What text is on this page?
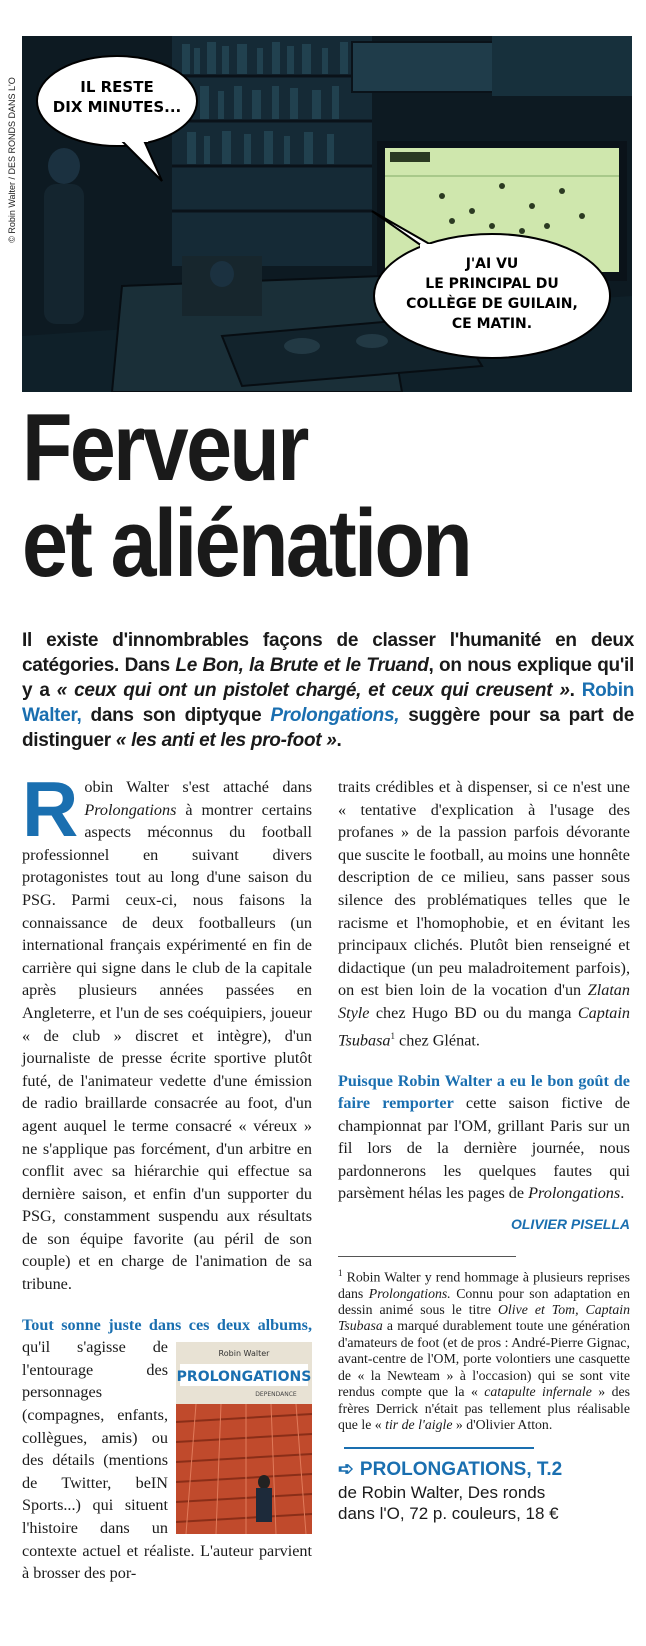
© Robin Walter / DES RONDS DANS L'O	IL RESTE
DIX MINUTES...
J'AI VU
LE PRINCIPAL DU
COLLÈGE DE GUILAIN,
CE MATIN.
Ferveur
et aliénation
Il existe d'innombrables façons de classer l'humanité en deux catégories. Dans Le Bon, la Brute et le Truand, on nous explique qu'il y a « ceux qui ont un pistolet chargé, et ceux qui creusent ». Robin Walter, dans son diptyque Prolongations, suggère pour sa part de distinguer « les anti et les pro-foot ».

Robin Walter s'est attaché dans Prolongations à montrer certains aspects méconnus du football professionnel en suivant divers protagonistes tout au long d'une saison du PSG. Parmi ceux-ci, nous faisons la connaissance de deux footballeurs (un international français expérimenté en fin de carrière qui signe dans le club de la capitale après plusieurs années passées en Angleterre, et l'un de ses coéquipiers, joueur « de club » discret et intègre), d'un journaliste de presse écrite sportive plutôt futé, de l'animateur vedette d'une émission de radio braillarde consacrée au foot, d'un agent auquel le terme consacré « véreux » ne s'applique pas forcément, d'un arbitre en conflit avec sa hiérarchie qui effectue sa dernière saison, et enfin d'un supporter du PSG, constamment suspendu aux résultats de son équipe favorite (au péril de son couple) et en charge de l'animation de sa tribune.

Tout sonne juste dans ces deux albums,
Robin Walter
PROLONGATIONS
DEPENDANCE
qu'il s'agisse de l'entourage des personnages (compagnes, enfants, collègues, amis) ou des détails (mentions de Twitter, beIN Sports...) qui situent l'histoire dans un contexte actuel et réaliste. L'auteur parvient à brosser des por-

traits crédibles et à dispenser, si ce n'est une « tentative d'explication à l'usage des profanes » de la passion parfois dévorante que suscite le football, au moins une honnête description de ce milieu, sans passer sous silence des problématiques telles que le racisme et l'homophobie, et en évitant les principaux clichés. Plutôt bien renseigné et didactique (un peu maladroitement parfois), on est bien loin de la vocation d'un Zlatan Style chez Hugo BD ou du manga Captain Tsubasa$^1$ chez Glénat.

Puisque Robin Walter a eu le bon goût de faire remporter cette saison fictive de championnat par l'OM, grillant Paris sur un fil lors de la dernière journée, nous pardonnerons les quelques fautes qui parsèment hélas les pages de Prolongations.

OLIVIER PISELLA
$^1$ Robin Walter y rend hommage à plusieurs reprises dans Prolongations. Connu pour son adaptation en dessin animé sous le titre Olive et Tom, Captain Tsubasa a marqué durablement toute une génération d'amateurs de foot (et de pros : André-Pierre Gignac, avant-centre de l'OM, porte volontiers une casquette de « la Newteam » à l'occasion) qui se sont vite rendus compte que la « catapulte infernale » des frères Derrick n'était pas tellement plus réalisable que le « tir de l'aigle » d'Olivier Atton.
➪ PROLONGATIONS, T.2
de Robin Walter, Des ronds
dans l'O, 72 p. couleurs, 18 €
